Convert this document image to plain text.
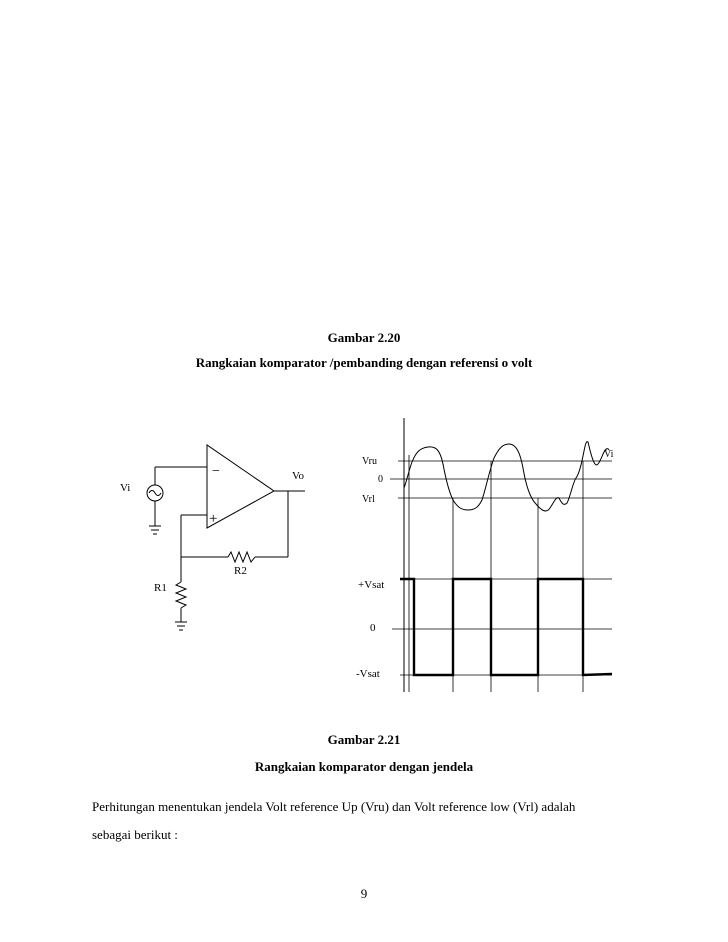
Gambar 2.20
Rangkaian komparator /pembanding dengan referensi o volt
−
+
Vi
Vo
R2
R1
Vru
0
Vrl
Vi
+Vsat
0
-Vsat
Gambar 2.21
Rangkaian komparator dengan jendela
Perhitungan menentukan jendela Volt reference Up (Vru) dan Volt reference low (Vrl) adalah
sebagai berikut :
9
